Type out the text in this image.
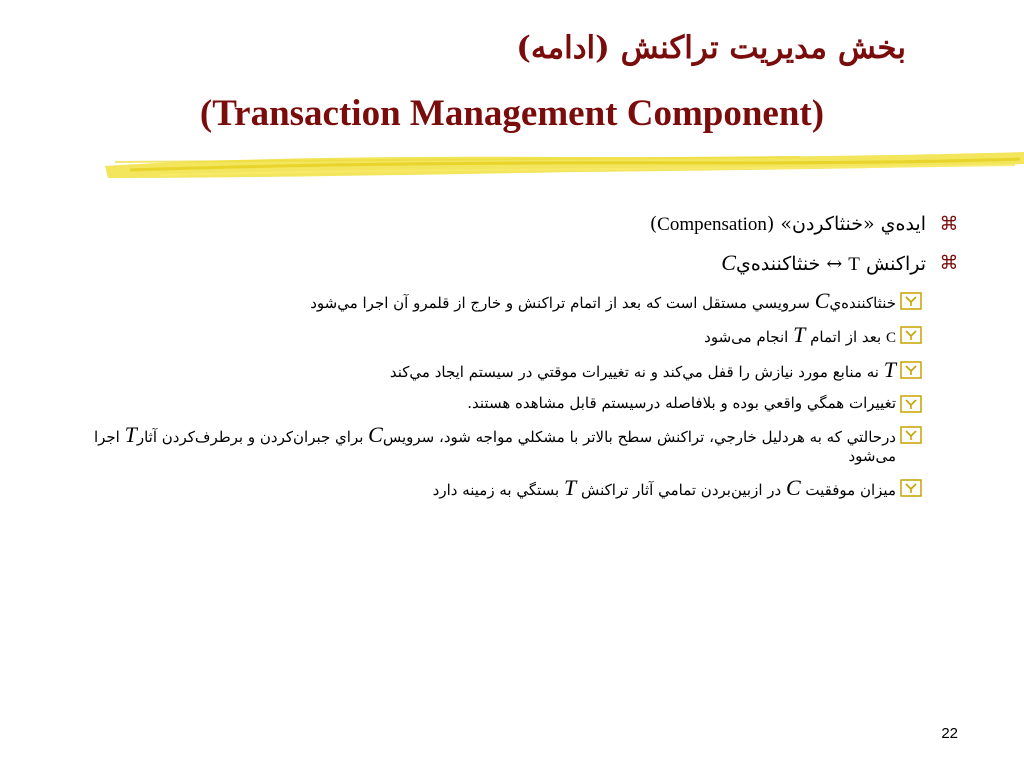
بخش مديريت تراكنش (ادامه)
(Transaction Management Component)
⌘
ايده‌ي «خنثاكردن» (Compensation)
⌘
تراكنش T ↔ خنثاكننده‌يC
خنثاكننده‌يC سرويسي مستقل است كه بعد از اتمام تراكنش و خارج از قلمرو آن اجرا مي‌شود
C بعد از اتمام T انجام مى‌شود
T نه منابع مورد نيازش را قفل مي‌كند و نه تغييرات موقتي در سيستم ايجاد مي‌كند
تغييرات همگي واقعي بوده و بلافاصله درسيستم قابل مشاهده هستند.
درحالتي كه به هردليل خارجي، تراكنش سطح بالاتر با مشكلي مواجه شود، سرويسC براي جبران‌كردن و برطرف‌كردن آثارT اجرا مى‌شود
ميزان موفقيت C در ازبين‌بردن تمامي آثار تراكنش T بستگي به زمينه دارد
22
